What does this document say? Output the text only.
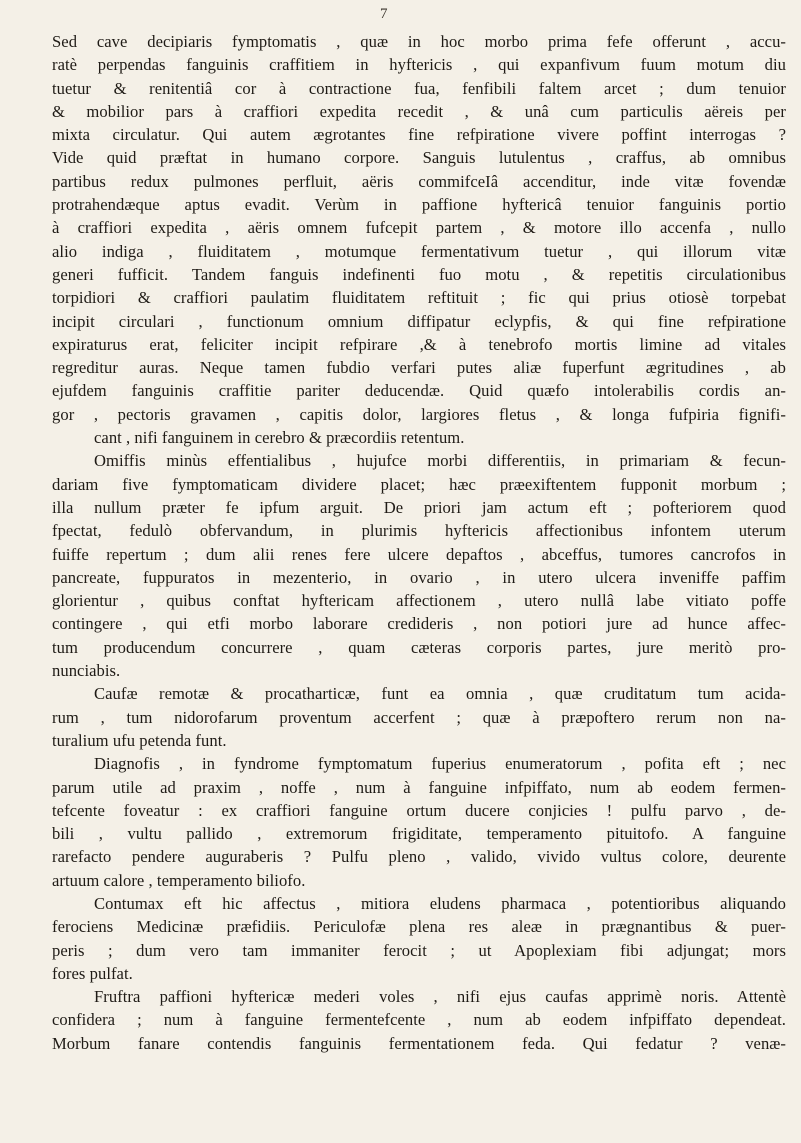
7
Sed cave decipiaris fymptomatis , quæ in hoc morbo prima fefe offerunt , accu-
ratè perpendas fanguinis craffitiem in hyftericis , qui expanfivum fuum motum diu
tuetur & renitentiâ cor à contractione fua, fenfibili faltem arcet ; dum tenuior
& mobilior pars à craffiori expedita recedit , & unâ cum particulis aëreis per
mixta circulatur. Qui autem ægrotantes fine refpiratione vivere poffint interrogas ?
Vide quid præftat in humano corpore. Sanguis lutulentus , craffus, ab omnibus
partibus redux pulmones perfluit, aëris commifceIâ accenditur, inde vitæ fovendæ
protrahendæque aptus evadit. Verùm in paffione hyftericâ tenuior fanguinis portio
à craffiori expedita , aëris omnem fufcepit partem , & motore illo accenfa , nullo
alio indiga , fluiditatem , motumque fermentativum tuetur , qui illorum vitæ
generi fufficit. Tandem fanguis indefinenti fuo motu , & repetitis circulationibus
torpidiori & craffiori paulatim fluiditatem reftituit ; fic qui prius otiosè torpebat
incipit circulari , functionum omnium diffipatur eclypfis, & qui fine refpiratione
expiraturus erat, feliciter incipit refpirare ,& à tenebrofo mortis limine ad vitales
regreditur auras. Neque tamen fubdio verfari putes aliæ fuperfunt ægritudines , ab
ejufdem fanguinis craffitie pariter deducendæ. Quid quæfo intolerabilis cordis an-
gor , pectoris gravamen , capitis dolor, largiores fletus , & longa fufpiria fignifi-
cant , nifi fanguinem in cerebro & præcordiis retentum.
Omiffis minùs effentialibus , hujufce morbi differentiis, in primariam & fecun-
dariam five fymptomaticam dividere placet; hæc præexiftentem fupponit morbum ;
illa nullum præter fe ipfum arguit. De priori jam actum eft ; pofteriorem quod
fpectat, fedulò obfervandum, in plurimis hyftericis affectionibus infontem uterum
fuiffe repertum ; dum alii renes fere ulcere depaftos , abceffus, tumores cancrofos in
pancreate, fuppuratos in mezenterio, in ovario , in utero ulcera inveniffe paffim
glorientur , quibus conftat hyftericam affectionem , utero nullâ labe vitiato poffe
contingere , qui etfi morbo laborare credideris , non potiori jure ad hunce affec-
tum producendum concurrere , quam cæteras corporis partes, jure meritò pro-
nunciabis.
Caufæ remotæ & procatharticæ, funt ea omnia , quæ cruditatum tum acida-
rum , tum nidorofarum proventum accerfent ; quæ à præpoftero rerum non na-
turalium ufu petenda funt.
Diagnofis , in fyndrome fymptomatum fuperius enumeratorum , pofita eft ; nec
parum utile ad praxim , noffe , num à fanguine infpiffato, num ab eodem fermen-
tefcente foveatur : ex craffiori fanguine ortum ducere conjicies ! pulfu parvo , de-
bili , vultu pallido , extremorum frigiditate, temperamento pituitofo. A fanguine
rarefacto pendere auguraberis ? Pulfu pleno , valido, vivido vultus colore, deurente
artuum calore , temperamento biliofo.
Contumax eft hic affectus , mitiora eludens pharmaca , potentioribus aliquando
ferociens Medicinæ præfidiis. Periculofæ plena res aleæ in prægnantibus & puer-
peris ; dum vero tam immaniter ferocit ; ut Apoplexiam fibi adjungat; mors
fores pulfat.
Fruftra paffioni hyftericæ mederi voles , nifi ejus caufas apprimè noris. Attentè
confidera ; num à fanguine fermentefcente , num ab eodem infpiffato dependeat.
Morbum fanare contendis fanguinis fermentationem feda. Qui fedatur ? venæ-
